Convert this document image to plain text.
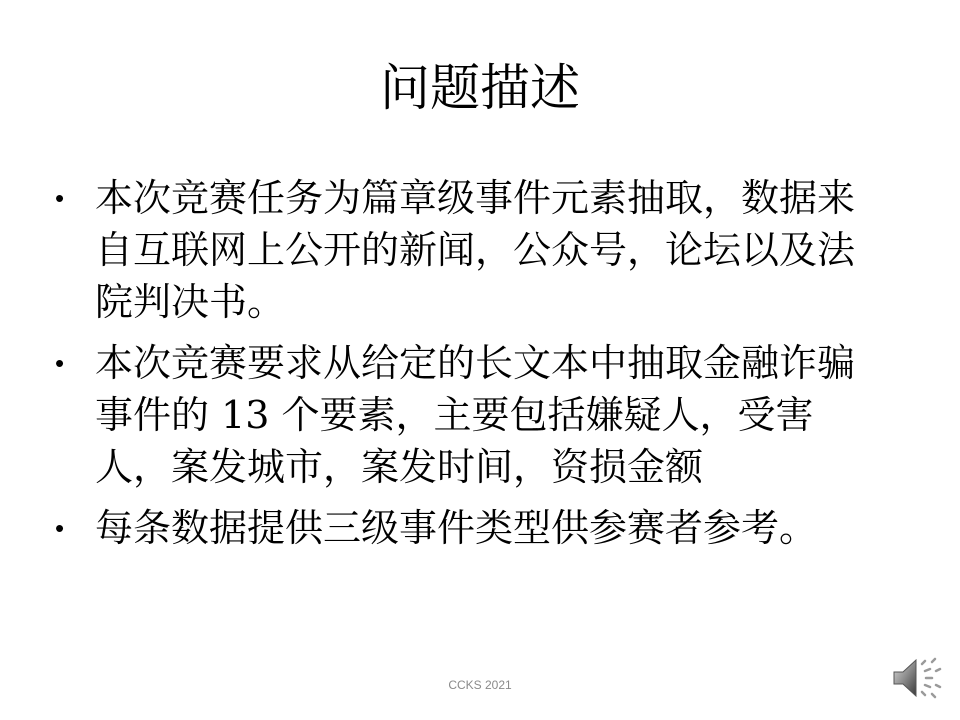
问题描述
• 本次竞赛任务为篇章级事件元素抽取，数据来自互联网上公开的新闻，公众号，论坛以及法院判决书。
• 本次竞赛要求从给定的长文本中抽取金融诈骗事件的 13 个要素，主要包括嫌疑人，受害人，案发城市，案发时间，资损金额
• 每条数据提供三级事件类型供参赛者参考。
CCKS 2021
